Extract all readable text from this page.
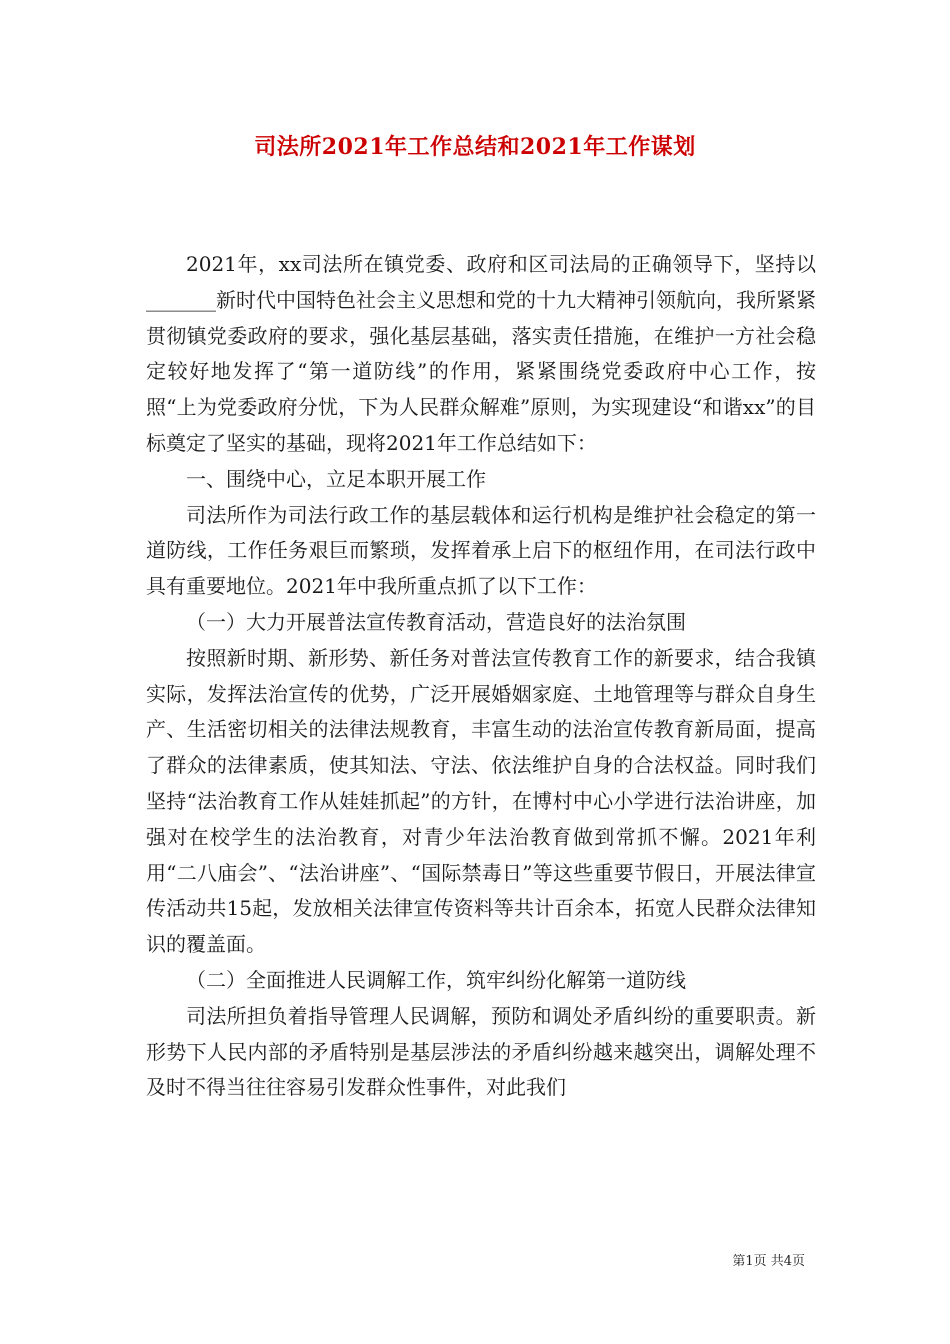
司法所2021年工作总结和2021年工作谋划

2021年，xx司法所在镇党委、政府和区司法局的正确领导下，坚持以_______新时代中国特色社会主义思想和党的十九大精神引领航向，我所紧紧贯彻镇党委政府的要求，强化基层基础，落实责任措施，在维护一方社会稳定较好地发挥了“第一道防线”的作用，紧紧围绕党委政府中心工作，按照“上为党委政府分忧，下为人民群众解难”原则，为实现建设“和谐xx”的目标奠定了坚实的基础，现将2021年工作总结如下：

一、围绕中心，立足本职开展工作

司法所作为司法行政工作的基层载体和运行机构是维护社会稳定的第一道防线，工作任务艰巨而繁琐，发挥着承上启下的枢纽作用，在司法行政中具有重要地位。2021年中我所重点抓了以下工作：

（一）大力开展普法宣传教育活动，营造良好的法治氛围

按照新时期、新形势、新任务对普法宣传教育工作的新要求，结合我镇实际，发挥法治宣传的优势，广泛开展婚姻家庭、土地管理等与群众自身生产、生活密切相关的法律法规教育，丰富生动的法治宣传教育新局面，提高了群众的法律素质，使其知法、守法、依法维护自身的合法权益。同时我们坚持“法治教育工作从娃娃抓起”的方针，在博村中心小学进行法治讲座，加强对在校学生的法治教育，对青少年法治教育做到常抓不懈。2021年利用“二八庙会”、“法治讲座”、“国际禁毒日”等这些重要节假日，开展法律宣传活动共15起，发放相关法律宣传资料等共计百余本，拓宽人民群众法律知识的覆盖面。

（二）全面推进人民调解工作，筑牢纠纷化解第一道防线

司法所担负着指导管理人民调解，预防和调处矛盾纠纷的重要职责。新形势下人民内部的矛盾特别是基层涉法的矛盾纠纷越来越突出，调解处理不及时不得当往往容易引发群众性事件，对此我们

第1页 共4页
